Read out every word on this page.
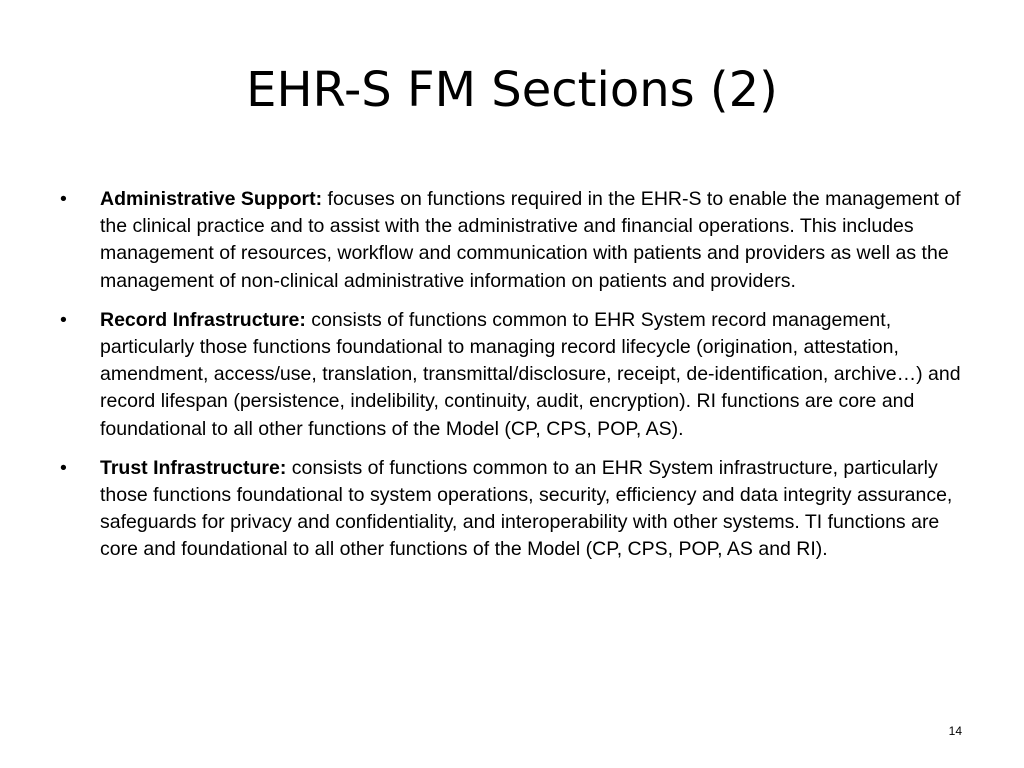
EHR-S FM Sections (2)
• Administrative Support: focuses on functions required in the EHR-S to enable the management of the clinical practice and to assist with the administrative and financial operations. This includes management of resources, workflow and communication with patients and providers as well as the management of non-clinical administrative information on patients and providers.
• Record Infrastructure: consists of functions common to EHR System record management, particularly those functions foundational to managing record lifecycle (origination, attestation, amendment, access/use, translation, transmittal/disclosure, receipt, de-identification, archive…) and record lifespan (persistence, indelibility, continuity, audit, encryption). RI functions are core and foundational to all other functions of the Model (CP, CPS, POP, AS).
• Trust Infrastructure: consists of functions common to an EHR System infrastructure, particularly those functions foundational to system operations, security, efficiency and data integrity assurance, safeguards for privacy and confidentiality, and interoperability with other systems. TI functions are core and foundational to all other functions of the Model (CP, CPS, POP, AS and RI).
14
